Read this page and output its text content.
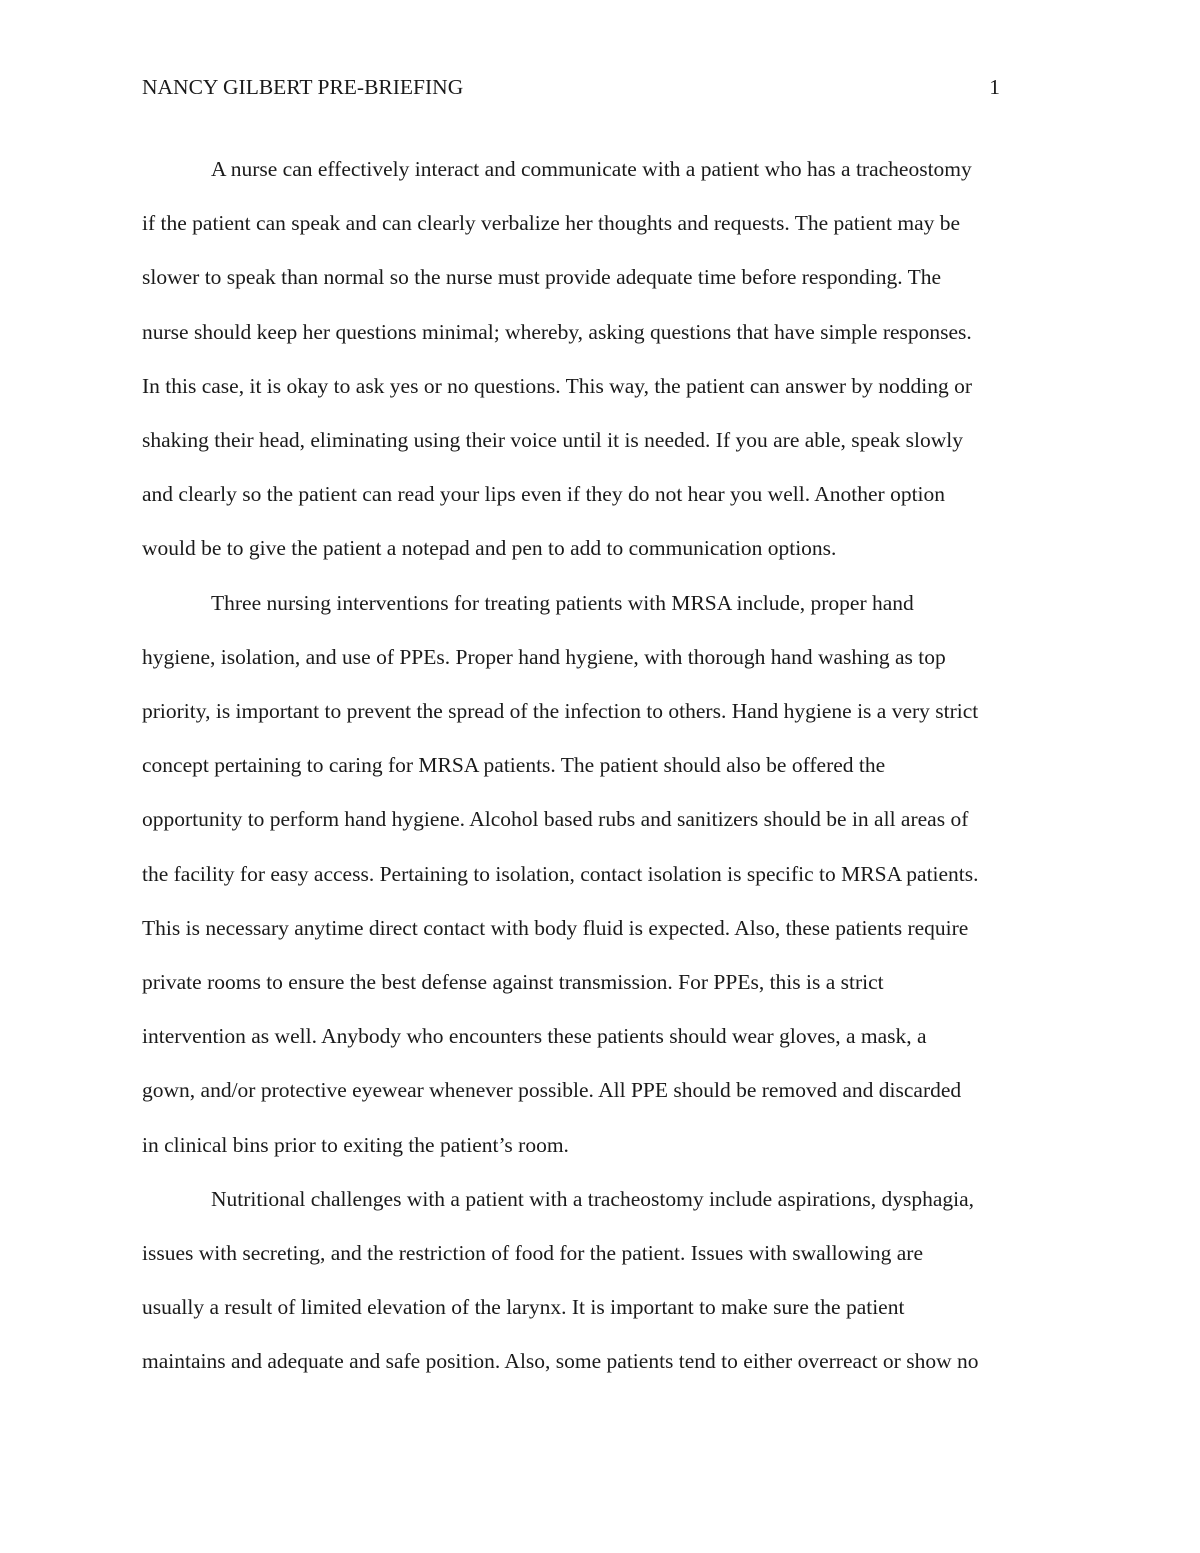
NANCY GILBERT PRE-BRIEFING	1

A nurse can effectively interact and communicate with a patient who has a tracheostomy
if the patient can speak and can clearly verbalize her thoughts and requests. The patient may be
slower to speak than normal so the nurse must provide adequate time before responding. The
nurse should keep her questions minimal; whereby, asking questions that have simple responses.
In this case, it is okay to ask yes or no questions. This way, the patient can answer by nodding or
shaking their head, eliminating using their voice until it is needed. If you are able, speak slowly
and clearly so the patient can read your lips even if they do not hear you well. Another option
would be to give the patient a notepad and pen to add to communication options.

Three nursing interventions for treating patients with MRSA include, proper hand
hygiene, isolation, and use of PPEs. Proper hand hygiene, with thorough hand washing as top
priority, is important to prevent the spread of the infection to others. Hand hygiene is a very strict
concept pertaining to caring for MRSA patients. The patient should also be offered the
opportunity to perform hand hygiene. Alcohol based rubs and sanitizers should be in all areas of
the facility for easy access. Pertaining to isolation, contact isolation is specific to MRSA patients.
This is necessary anytime direct contact with body fluid is expected. Also, these patients require
private rooms to ensure the best defense against transmission. For PPEs, this is a strict
intervention as well. Anybody who encounters these patients should wear gloves, a mask, a
gown, and/or protective eyewear whenever possible. All PPE should be removed and discarded
in clinical bins prior to exiting the patient’s room.

Nutritional challenges with a patient with a tracheostomy include aspirations, dysphagia,
issues with secreting, and the restriction of food for the patient. Issues with swallowing are
usually a result of limited elevation of the larynx. It is important to make sure the patient
maintains and adequate and safe position. Also, some patients tend to either overreact or show no
